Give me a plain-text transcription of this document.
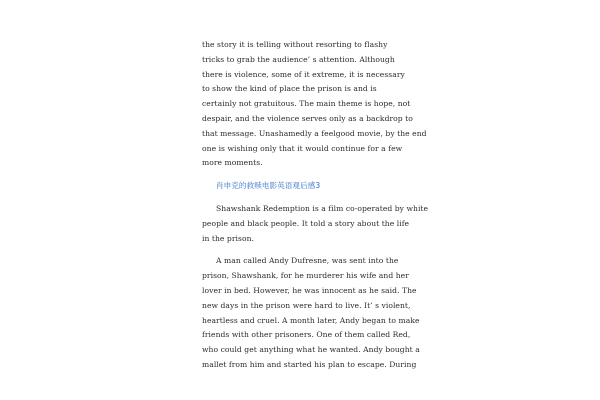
the story it is telling without resorting to flashy
tricks to grab the audience’ s attention. Although
there is violence, some of it extreme, it is necessary
to show the kind of place the prison is and is
certainly not gratuitous. The main theme is hope, not
despair, and the violence serves only as a backdrop to
that message. Unashamedly a feelgood movie, by the end
one is wishing only that it would continue for a few
more moments.
肖申克的救赎电影英语观后感3
Shawshank Redemption is a film co-operated by white
people and black people. It told a story about the life
in the prison.
A man called Andy Dufresne, was sent into the
prison, Shawshank, for he murderer his wife and her
lover in bed. However, he was innocent as he said. The
new days in the prison were hard to live. It’ s violent,
heartless and cruel. A month later, Andy began to make
friends with other prisoners. One of them called Red,
who could get anything what he wanted. Andy bought a
mallet from him and started his plan to escape. During
